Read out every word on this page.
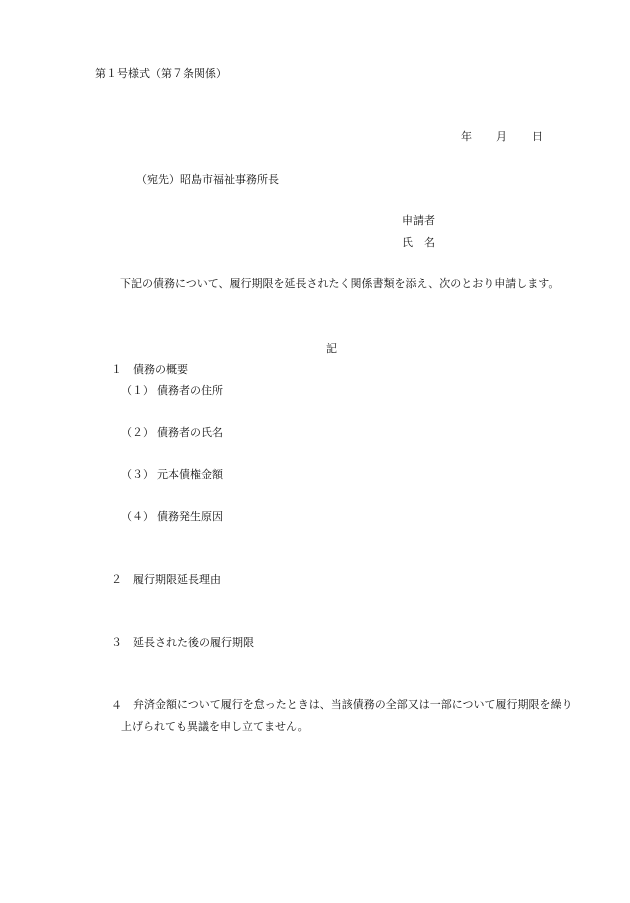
第１号様式（第７条関係）
年 月 日
（宛先）昭島市福祉事務所長
申請者
氏　名
下記の債務について、履行期限を延長されたく関係書類を添え、次のとおり申請します。
記
１ 債務の概要
（１） 債務者の住所
（２） 債務者の氏名
（３） 元本債権金額
（４） 債務発生原因
２ 履行期限延長理由
３ 延長された後の履行期限
４	弁済金額について履行を怠ったときは、当該債務の全部又は一部について履行期限を繰り上げられても異議を申し立てません。
